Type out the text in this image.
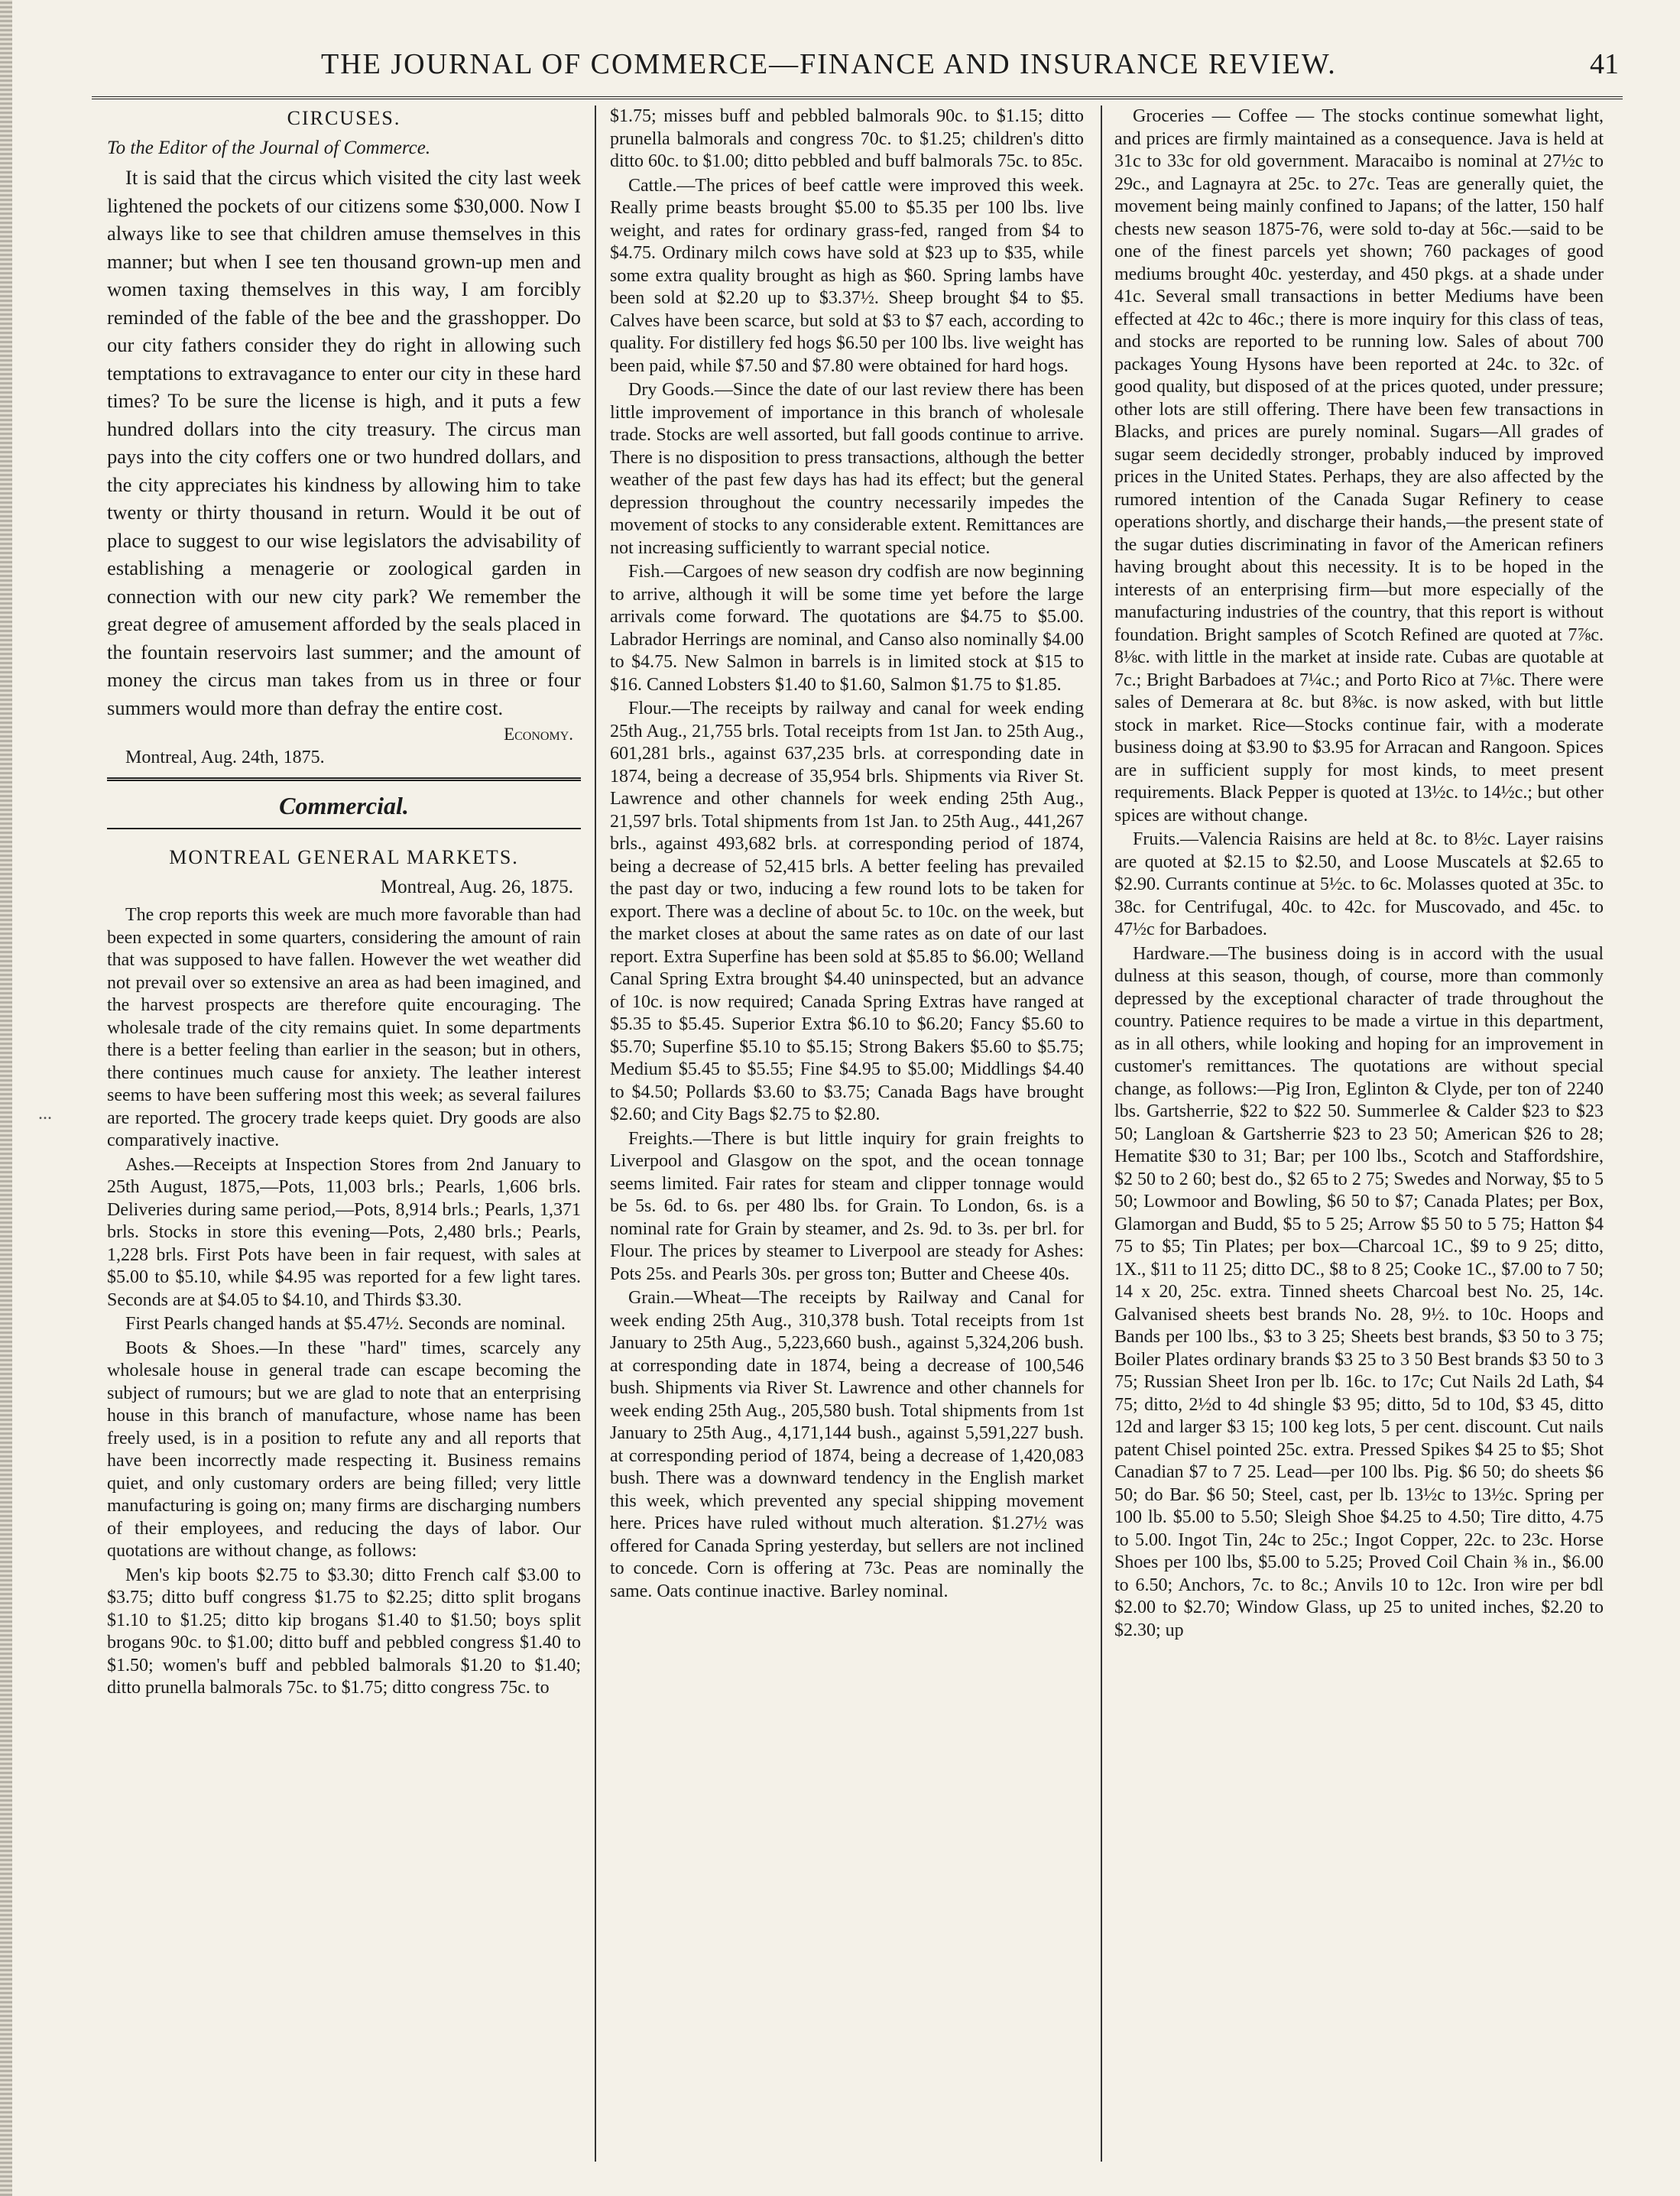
THE JOURNAL OF COMMERCE—FINANCE AND INSURANCE REVIEW.	41
CIRCUSES.
To the Editor of the Journal of Commerce.

It is said that the circus which visited the city last week lightened the pockets of our citizens some $30,000. Now I always like to see that children amuse themselves in this manner; but when I see ten thousand grown-up men and women taxing themselves in this way, I am forcibly reminded of the fable of the bee and the grasshopper. Do our city fathers consider they do right in allowing such temptations to extravagance to enter our city in these hard times? To be sure the license is high, and it puts a few hundred dollars into the city treasury. The circus man pays into the city coffers one or two hundred dollars, and the city appreciates his kindness by allowing him to take twenty or thirty thousand in return. Would it be out of place to suggest to our wise legislators the advisability of establishing a menagerie or zoological garden in connection with our new city park? We remember the great degree of amusement afforded by the seals placed in the fountain reservoirs last summer; and the amount of money the circus man takes from us in three or four summers would more than defray the entire cost.

Economy.
Montreal, Aug. 24th, 1875.
Commercial.
MONTREAL GENERAL MARKETS.
Montreal, Aug. 26, 1875.

The crop reports this week are much more favorable than had been expected in some quarters, considering the amount of rain that was supposed to have fallen. However the wet weather did not prevail over so extensive an area as had been imagined, and the harvest prospects are therefore quite encouraging. The wholesale trade of the city remains quiet. In some departments there is a better feeling than earlier in the season; but in others, there continues much cause for anxiety. The leather interest seems to have been suffering most this week; as several failures are reported. The grocery trade keeps quiet. Dry goods are also comparatively inactive.

Ashes.—Receipts at Inspection Stores from 2nd January to 25th August, 1875,—Pots, 11,003 brls.; Pearls, 1,606 brls. Deliveries during same period,—Pots, 8,914 brls.; Pearls, 1,371 brls. Stocks in store this evening—Pots, 2,480 brls.; Pearls, 1,228 brls. First Pots have been in fair request, with sales at $5.00 to $5.10, while $4.95 was reported for a few light tares. Seconds are at $4.05 to $4.10, and Thirds $3.30.

First Pearls changed hands at $5.47½. Seconds are nominal.

Boots & Shoes.—In these "hard" times, scarcely any wholesale house in general trade can escape becoming the subject of rumours; but we are glad to note that an enterprising house in this branch of manufacture, whose name has been freely used, is in a position to refute any and all reports that have been incorrectly made respecting it. Business remains quiet, and only customary orders are being filled; very little manufacturing is going on; many firms are discharging numbers of their employees, and reducing the days of labor. Our quotations are without change, as follows:

Men's kip boots $2.75 to $3.30; ditto French calf $3.00 to $3.75; ditto buff congress $1.75 to $2.25; ditto split brogans $1.10 to $1.25; ditto kip brogans $1.40 to $1.50; boys split brogans 90c. to $1.00; ditto buff and pebbled congress $1.40 to $1.50; women's buff and pebbled balmorals $1.20 to $1.40; ditto prunella balmorals 75c. to $1.75; ditto congress 75c. to

$1.75; misses buff and pebbled balmorals 90c. to $1.15; ditto prunella balmorals and congress 70c. to $1.25; children's ditto ditto 60c. to $1.00; ditto pebbled and buff balmorals 75c. to 85c.

Cattle.—The prices of beef cattle were improved this week. Really prime beasts brought $5.00 to $5.35 per 100 lbs. live weight, and rates for ordinary grass-fed, ranged from $4 to $4.75. Ordinary milch cows have sold at $23 up to $35, while some extra quality brought as high as $60. Spring lambs have been sold at $2.20 up to $3.37½. Sheep brought $4 to $5. Calves have been scarce, but sold at $3 to $7 each, according to quality. For distillery fed hogs $6.50 per 100 lbs. live weight has been paid, while $7.50 and $7.80 were obtained for hard hogs.

Dry Goods.—Since the date of our last review there has been little improvement of importance in this branch of wholesale trade. Stocks are well assorted, but fall goods continue to arrive. There is no disposition to press transactions, although the better weather of the past few days has had its effect; but the general depression throughout the country necessarily impedes the movement of stocks to any considerable extent. Remittances are not increasing sufficiently to warrant special notice.

Fish.—Cargoes of new season dry codfish are now beginning to arrive, although it will be some time yet before the large arrivals come forward. The quotations are $4.75 to $5.00. Labrador Herrings are nominal, and Canso also nominally $4.00 to $4.75. New Salmon in barrels is in limited stock at $15 to $16. Canned Lobsters $1.40 to $1.60, Salmon $1.75 to $1.85.

Flour.—The receipts by railway and canal for week ending 25th Aug., 21,755 brls. Total receipts from 1st Jan. to 25th Aug., 601,281 brls., against 637,235 brls. at corresponding date in 1874, being a decrease of 35,954 brls. Shipments via River St. Lawrence and other channels for week ending 25th Aug., 21,597 brls. Total shipments from 1st Jan. to 25th Aug., 441,267 brls., against 493,682 brls. at corresponding period of 1874, being a decrease of 52,415 brls. A better feeling has prevailed the past day or two, inducing a few round lots to be taken for export. There was a decline of about 5c. to 10c. on the week, but the market closes at about the same rates as on date of our last report. Extra Superfine has been sold at $5.85 to $6.00; Welland Canal Spring Extra brought $4.40 uninspected, but an advance of 10c. is now required; Canada Spring Extras have ranged at $5.35 to $5.45. Superior Extra $6.10 to $6.20; Fancy $5.60 to $5.70; Superfine $5.10 to $5.15; Strong Bakers $5.60 to $5.75; Medium $5.45 to $5.55; Fine $4.95 to $5.00; Middlings $4.40 to $4.50; Pollards $3.60 to $3.75; Canada Bags have brought $2.60; and City Bags $2.75 to $2.80.

Freights.—There is but little inquiry for grain freights to Liverpool and Glasgow on the spot, and the ocean tonnage seems limited. Fair rates for steam and clipper tonnage would be 5s. 6d. to 6s. per 480 lbs. for Grain. To London, 6s. is a nominal rate for Grain by steamer, and 2s. 9d. to 3s. per brl. for Flour. The prices by steamer to Liverpool are steady for Ashes: Pots 25s. and Pearls 30s. per gross ton; Butter and Cheese 40s.

Grain.—Wheat—The receipts by Railway and Canal for week ending 25th Aug., 310,378 bush. Total receipts from 1st January to 25th Aug., 5,223,660 bush., against 5,324,206 bush. at corresponding date in 1874, being a decrease of 100,546 bush. Shipments via River St. Lawrence and other channels for week ending 25th Aug., 205,580 bush. Total shipments from 1st January to 25th Aug., 4,171,144 bush., against 5,591,227 bush. at corresponding period of 1874, being a decrease of 1,420,083 bush. There was a downward tendency in the English market this week, which prevented any special shipping movement here. Prices have ruled without much alteration. $1.27½ was offered for Canada Spring yesterday, but sellers are not inclined to concede. Corn is offering at 73c. Peas are nominally the same. Oats continue inactive. Barley nominal.

Groceries — Coffee — The stocks continue somewhat light, and prices are firmly maintained as a consequence. Java is held at 31c to 33c for old government. Maracaibo is nominal at 27½c to 29c., and Lagnayra at 25c. to 27c. Teas are generally quiet, the movement being mainly confined to Japans; of the latter, 150 half chests new season 1875-76, were sold to-day at 56c.—said to be one of the finest parcels yet shown; 760 packages of good mediums brought 40c. yesterday, and 450 pkgs. at a shade under 41c. Several small transactions in better Mediums have been effected at 42c to 46c.; there is more inquiry for this class of teas, and stocks are reported to be running low. Sales of about 700 packages Young Hysons have been reported at 24c. to 32c. of good quality, but disposed of at the prices quoted, under pressure; other lots are still offering. There have been few transactions in Blacks, and prices are purely nominal. Sugars—All grades of sugar seem decidedly stronger, probably induced by improved prices in the United States. Perhaps, they are also affected by the rumored intention of the Canada Sugar Refinery to cease operations shortly, and discharge their hands,—the present state of the sugar duties discriminating in favor of the American refiners having brought about this necessity. It is to be hoped in the interests of an enterprising firm—but more especially of the manufacturing industries of the country, that this report is without foundation. Bright samples of Scotch Refined are quoted at 7⅞c. 8⅛c. with little in the market at inside rate. Cubas are quotable at 7c.; Bright Barbadoes at 7¼c.; and Porto Rico at 7⅛c. There were sales of Demerara at 8c. but 8⅜c. is now asked, with but little stock in market. Rice—Stocks continue fair, with a moderate business doing at $3.90 to $3.95 for Arracan and Rangoon. Spices are in sufficient supply for most kinds, to meet present requirements. Black Pepper is quoted at 13½c. to 14½c.; but other spices are without change.

Fruits.—Valencia Raisins are held at 8c. to 8½c. Layer raisins are quoted at $2.15 to $2.50, and Loose Muscatels at $2.65 to $2.90. Currants continue at 5½c. to 6c. Molasses quoted at 35c. to 38c. for Centrifugal, 40c. to 42c. for Muscovado, and 45c. to 47½c for Barbadoes.

Hardware.—The business doing is in accord with the usual dulness at this season, though, of course, more than commonly depressed by the exceptional character of trade throughout the country. Patience requires to be made a virtue in this department, as in all others, while looking and hoping for an improvement in customer's remittances. The quotations are without special change, as follows:—Pig Iron, Eglinton & Clyde, per ton of 2240 lbs. Gartsherrie, $22 to $22 50. Summerlee & Calder $23 to $23 50; Langloan & Gartsherrie $23 to 23 50; American $26 to 28; Hematite $30 to 31; Bar; per 100 lbs., Scotch and Staffordshire, $2 50 to 2 60; best do., $2 65 to 2 75; Swedes and Norway, $5 to 5 50; Lowmoor and Bowling, $6 50 to $7; Canada Plates; per Box, Glamorgan and Budd, $5 to 5 25; Arrow $5 50 to 5 75; Hatton $4 75 to $5; Tin Plates; per box—Charcoal 1C., $9 to 9 25; ditto, 1X., $11 to 11 25; ditto DC., $8 to 8 25; Cooke 1C., $7.00 to 7 50; 14 x 20, 25c. extra. Tinned sheets Charcoal best No. 25, 14c. Galvanised sheets best brands No. 28, 9½. to 10c. Hoops and Bands per 100 lbs., $3 to 3 25; Sheets best brands, $3 50 to 3 75; Boiler Plates ordinary brands $3 25 to 3 50 Best brands $3 50 to 3 75; Russian Sheet Iron per lb. 16c. to 17c; Cut Nails 2d Lath, $4 75; ditto, 2½d to 4d shingle $3 95; ditto, 5d to 10d, $3 45, ditto 12d and larger $3 15; 100 keg lots, 5 per cent. discount. Cut nails patent Chisel pointed 25c. extra. Pressed Spikes $4 25 to $5; Shot Canadian $7 to 7 25. Lead—per 100 lbs. Pig. $6 50; do sheets $6 50; do Bar. $6 50; Steel, cast, per lb. 13½c to 13½c. Spring per 100 lb. $5.00 to 5.50; Sleigh Shoe $4.25 to 4.50; Tire ditto, 4.75 to 5.00. Ingot Tin, 24c to 25c.; Ingot Copper, 22c. to 23c. Horse Shoes per 100 lbs, $5.00 to 5.25; Proved Coil Chain ⅜ in., $6.00 to 6.50; Anchors, 7c. to 8c.; Anvils 10 to 12c. Iron wire per bdl $2.00 to $2.70; Window Glass, up 25 to united inches, $2.20 to $2.30; up

...
